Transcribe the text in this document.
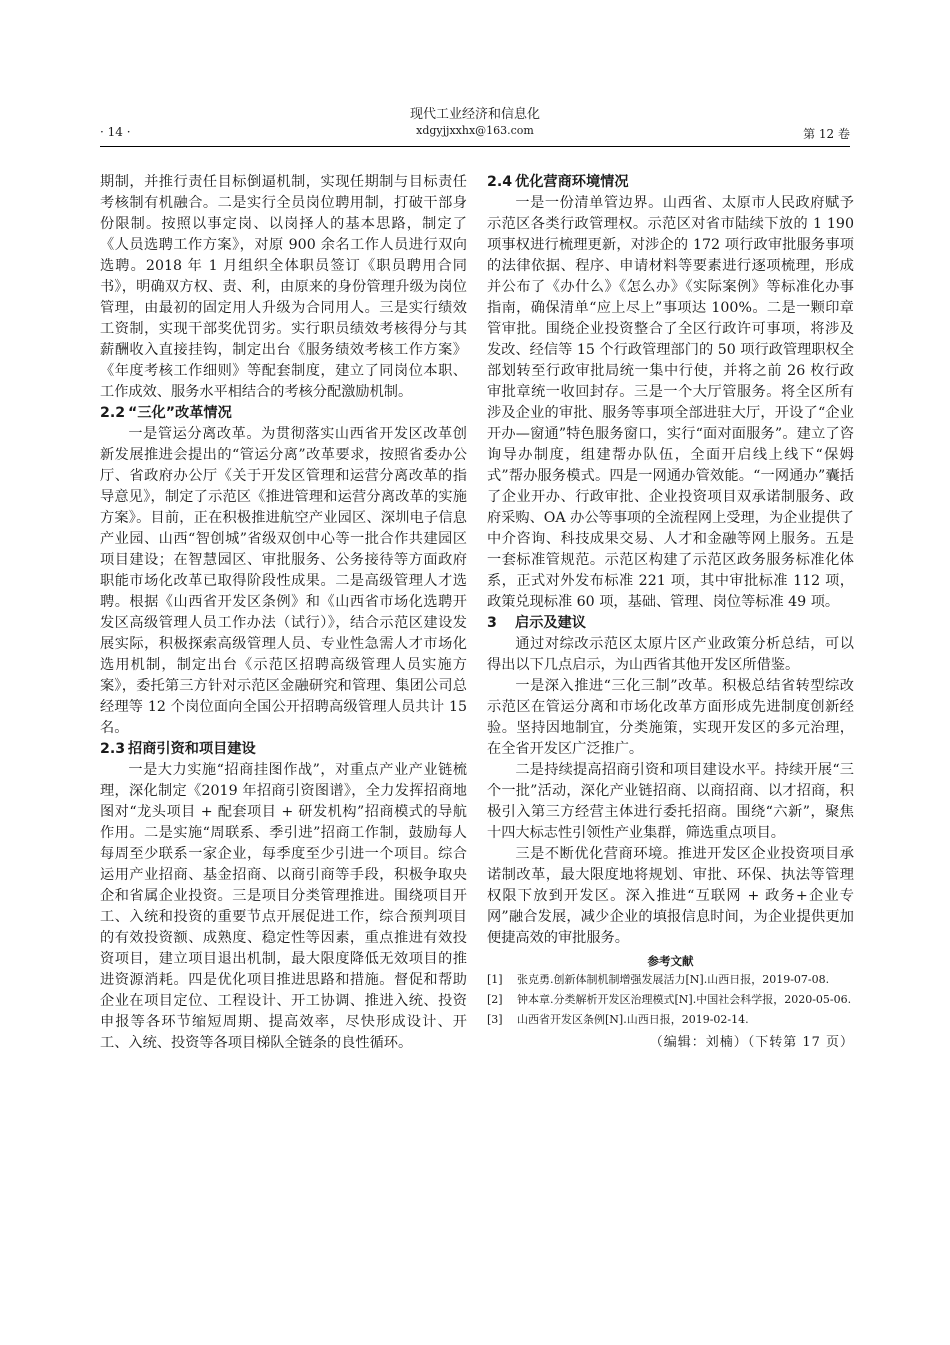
· 14 ·
现代工业经济和信息化
xdgyjjxxhx@163.com	第 12 卷

期制，并推行责任目标倒逼机制，实现任期制与目标责任考核制有机融合。二是实行全员岗位聘用制，打破干部身份限制。按照以事定岗、以岗择人的基本思路，制定了《人员选聘工作方案》，对原 900 余名工作人员进行双向选聘。2018 年 1 月组织全体职员签订《职员聘用合同书》，明确双方权、责、利，由原来的身份管理升级为岗位管理，由最初的固定用人升级为合同用人。三是实行绩效工资制，实现干部奖优罚劣。实行职员绩效考核得分与其薪酬收入直接挂钩，制定出台《服务绩效考核工作方案》《年度考核工作细则》等配套制度，建立了同岗位本职、工作成效、服务水平相结合的考核分配激励机制。

2.2 “三化”改革情况

一是管运分离改革。为贯彻落实山西省开发区改革创新发展推进会提出的“管运分离”改革要求，按照省委办公厅、省政府办公厅《关于开发区管理和运营分离改革的指导意见》，制定了示范区《推进管理和运营分离改革的实施方案》。目前，正在积极推进航空产业园区、深圳电子信息产业园、山西“智创城”省级双创中心等一批合作共建园区项目建设；在智慧园区、审批服务、公务接待等方面政府职能市场化改革已取得阶段性成果。二是高级管理人才选聘。根据《山西省开发区条例》和《山西省市场化选聘开发区高级管理人员工作办法（试行）》，结合示范区建设发展实际，积极探索高级管理人员、专业性急需人才市场化选用机制，制定出台《示范区招聘高级管理人员实施方案》，委托第三方针对示范区金融研究和管理、集团公司总经理等 12 个岗位面向全国公开招聘高级管理人员共计 15 名。

2.3 招商引资和项目建设

一是大力实施“招商挂图作战”，对重点产业产业链梳理，深化制定《2019 年招商引资图谱》，全力发挥招商地图对“龙头项目 + 配套项目 + 研发机构”招商模式的导航作用。二是实施“周联系、季引进”招商工作制，鼓励每人每周至少联系一家企业，每季度至少引进一个项目。综合运用产业招商、基金招商、以商引商等手段，积极争取央企和省属企业投资。三是项目分类管理推进。围绕项目开工、入统和投资的重要节点开展促进工作，综合预判项目的有效投资额、成熟度、稳定性等因素，重点推进有效投资项目，建立项目退出机制，最大限度降低无效项目的推进资源消耗。四是优化项目推进思路和措施。督促和帮助企业在项目定位、工程设计、开工协调、推进入统、投资申报等各环节缩短周期、提高效率，尽快形成设计、开工、入统、投资等各项目梯队全链条的良性循环。

2.4 优化营商环境情况

一是一份清单管边界。山西省、太原市人民政府赋予示范区各类行政管理权。示范区对省市陆续下放的 1 190 项事权进行梳理更新，对涉企的 172 项行政审批服务事项的法律依据、程序、申请材料等要素进行逐项梳理，形成并公布了《办什么》《怎么办》《实际案例》等标准化办事指南，确保清单“应上尽上”事项达 100%。二是一颗印章管审批。围绕企业投资整合了全区行政许可事项，将涉及发改、经信等 15 个行政管理部门的 50 项行政管理职权全部划转至行政审批局统一集中行使，并将之前 26 枚行政审批章统一收回封存。三是一个大厅管服务。将全区所有涉及企业的审批、服务等事项全部进驻大厅，开设了“企业开办—窗通”特色服务窗口，实行“面对面服务”。建立了咨询导办制度，组建帮办队伍，全面开启线上线下“保姆式”帮办服务模式。四是一网通办管效能。“一网通办”囊括了企业开办、行政审批、企业投资项目双承诺制服务、政府采购、OA 办公等事项的全流程网上受理，为企业提供了中介咨询、科技成果交易、人才和金融等网上服务。五是一套标准管规范。示范区构建了示范区政务服务标准化体系，正式对外发布标准 221 项，其中审批标准 112 项，政策兑现标准 60 项，基础、管理、岗位等标准 49 项。

3 启示及建议

通过对综改示范区太原片区产业政策分析总结，可以得出以下几点启示，为山西省其他开发区所借鉴。

一是深入推进“三化三制”改革。积极总结省转型综改示范区在管运分离和市场化改革方面形成先进制度创新经验。坚持因地制宜，分类施策，实现开发区的多元治理，在全省开发区广泛推广。

二是持续提高招商引资和项目建设水平。持续开展“三个一批”活动，深化产业链招商、以商招商、以才招商，积极引入第三方经营主体进行委托招商。围绕“六新”，聚焦十四大标志性引领性产业集群，筛选重点项目。

三是不断优化营商环境。推进开发区企业投资项目承诺制改革，最大限度地将规划、审批、环保、执法等管理权限下放到开发区。深入推进“互联网 + 政务+企业专网”融合发展，减少企业的填报信息时间，为企业提供更加便捷高效的审批服务。

参考文献
[1]	张克勇.创新体制机制增强发展活力[N].山西日报，2019-07-08.
[2]	钟本章.分类解析开发区治理模式[N].中国社会科学报，2020-05-06.
[3]	山西省开发区条例[N].山西日报，2019-02-14.
（编辑：刘楠）（下转第 17 页）
